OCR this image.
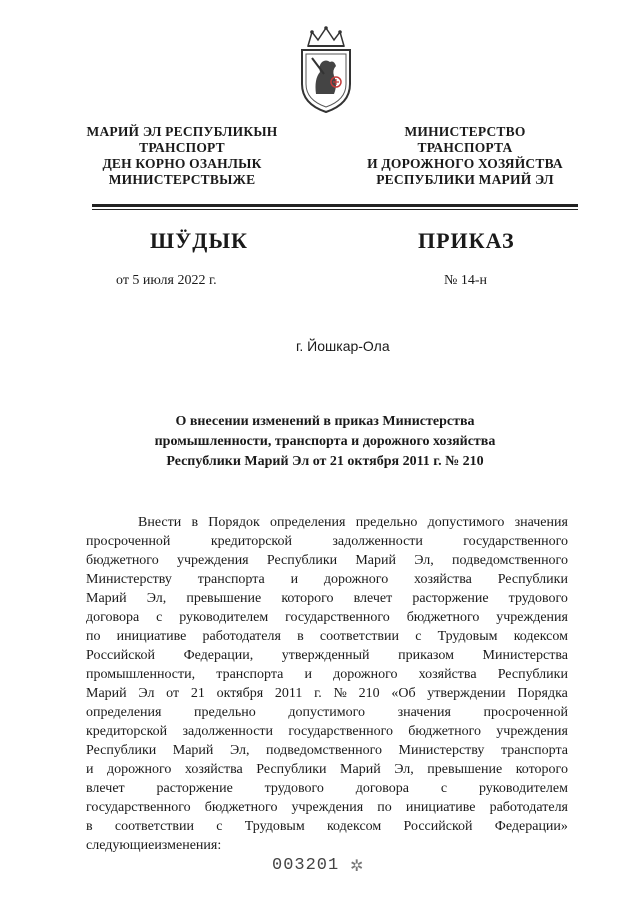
МАРИЙ ЭЛ РЕСПУБЛИКЫН
ТРАНСПОРТ
ДЕН КОРНО ОЗАНЛЫК
МИНИСТЕРСТВЫЖЕ
МИНИСТЕРСТВО
ТРАНСПОРТА
И ДОРОЖНОГО ХОЗЯЙСТВА
РЕСПУБЛИКИ МАРИЙ ЭЛ
ШӰДЫК	ПРИКАЗ
от 5 июля 2022 г.	№ 14-н
г. Йошкар-Ола
О внесении изменений в приказ Министерства
промышленности, транспорта и дорожного хозяйства
Республики Марий Эл от 21 октября 2011 г. № 210
Внести в Порядок определения предельно допустимого значения
просроченной	кредиторской	задолженности	государственного
бюджетного учреждения Республики Марий Эл, подведомственного
Министерству транспорта и дорожного хозяйства Республики
Марий Эл, превышение которого влечет расторжение трудового
договора с руководителем государственного бюджетного учреждения
по инициативе работодателя в соответствии с Трудовым кодексом
Российской Федерации, утвержденный приказом Министерства
промышленности, транспорта и дорожного хозяйства Республики
Марий Эл от 21 октября 2011 г. № 210 «Об утверждении Порядка
определения предельно допустимого значения просроченной
кредиторской задолженности государственного бюджетного учреждения
Республики Марий Эл, подведомственного Министерству транспорта
и дорожного хозяйства Республики Марий Эл, превышение которого
влечет расторжение трудового договора с руководителем
государственного бюджетного учреждения по инициативе работодателя
в соответствии с Трудовым кодексом Российской Федерации»
следующие изменения:
003201 ✲
